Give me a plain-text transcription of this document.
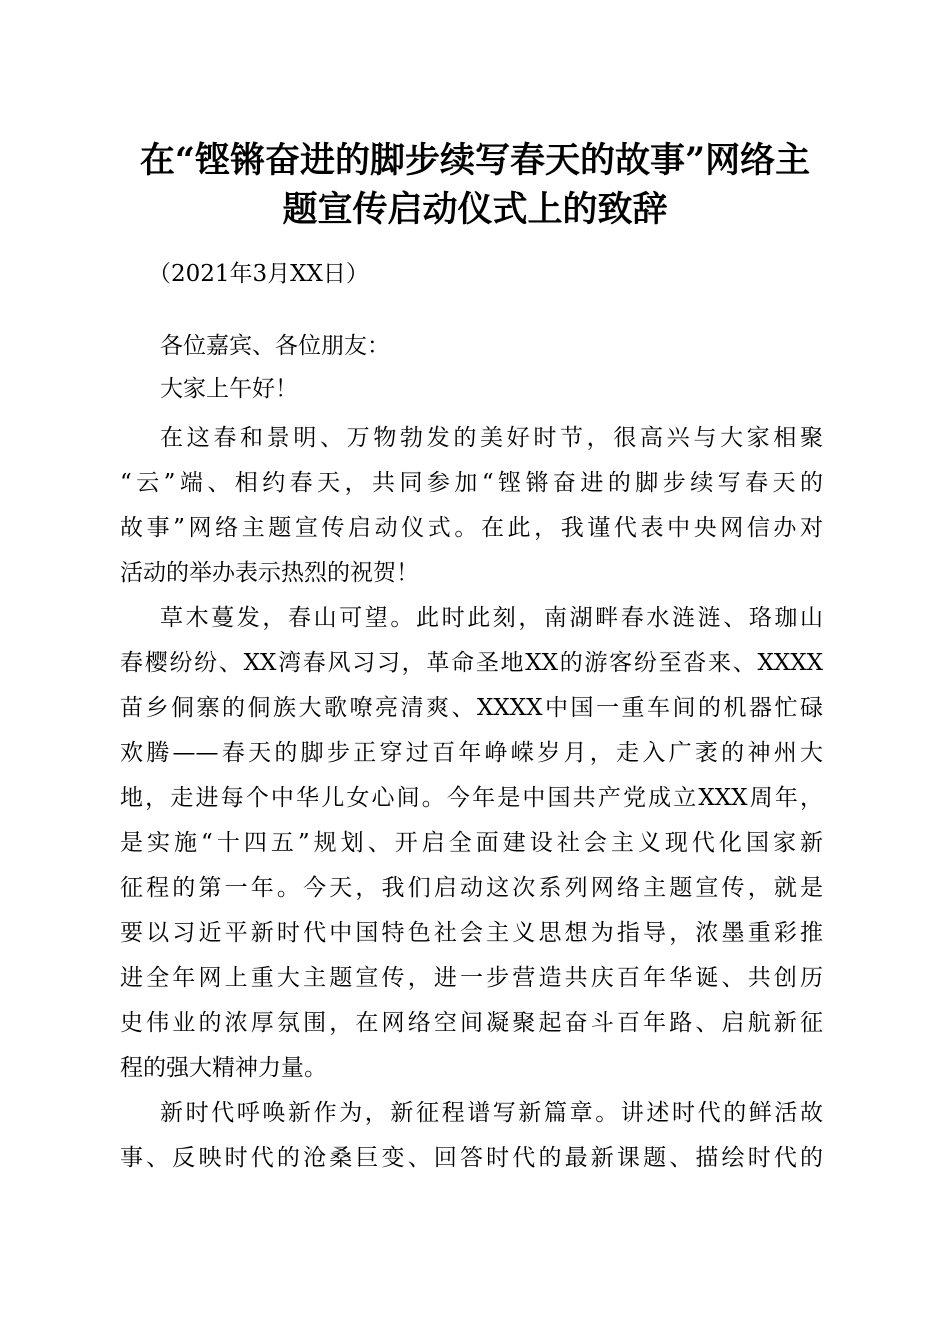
在“铿锵奋进的脚步续写春天的故事”网络主
题宣传启动仪式上的致辞
（2021年3月XX日）
各位嘉宾、各位朋友：
大家上午好！
在这春和景明、万物勃发的美好时节，很高兴与大家相聚
“云”端、相约春天，共同参加“铿锵奋进的脚步续写春天的
故事”网络主题宣传启动仪式。在此，我谨代表中央网信办对
活动的举办表示热烈的祝贺！
草木蔓发，春山可望。此时此刻，南湖畔春水涟涟、珞珈山
春樱纷纷、XX湾春风习习，革命圣地XX的游客纷至沓来、XXXX
苗乡侗寨的侗族大歌嘹亮清爽、XXXX中国一重车间的机器忙碌
欢腾——春天的脚步正穿过百年峥嵘岁月，走入广袤的神州大
地，走进每个中华儿女心间。今年是中国共产党成立XXX周年，
是实施“十四五”规划、开启全面建设社会主义现代化国家新
征程的第一年。今天，我们启动这次系列网络主题宣传，就是
要以习近平新时代中国特色社会主义思想为指导，浓墨重彩推
进全年网上重大主题宣传，进一步营造共庆百年华诞、共创历
史伟业的浓厚氛围，在网络空间凝聚起奋斗百年路、启航新征
程的强大精神力量。
新时代呼唤新作为，新征程谱写新篇章。讲述时代的鲜活故
事、反映时代的沧桑巨变、回答时代的最新课题、描绘时代的
